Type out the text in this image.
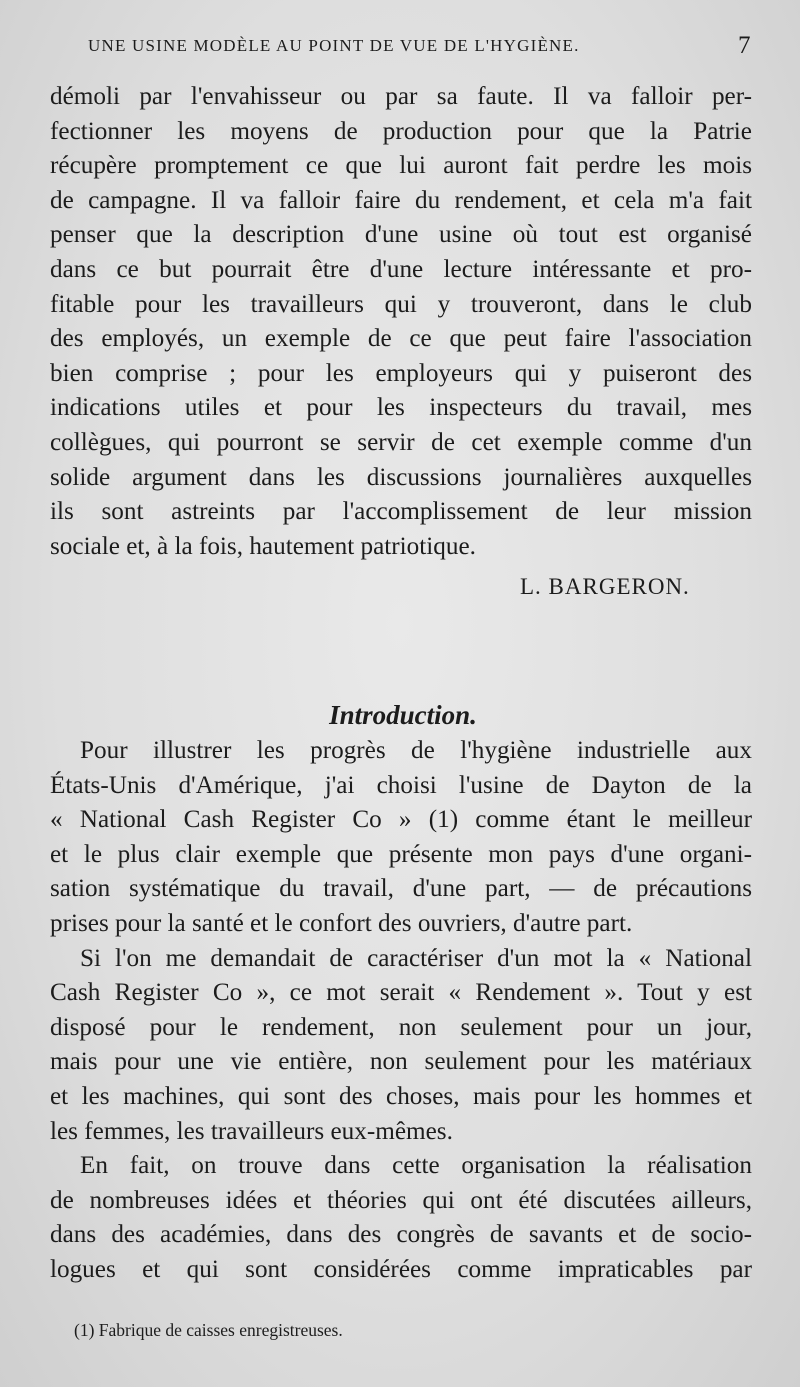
UNE USINE MODÈLE AU POINT DE VUE DE L'HYGIÈNE.	7
démoli par l'envahisseur ou par sa faute. Il va falloir per-
fectionner les moyens de production pour que la Patrie
récupère promptement ce que lui auront fait perdre les mois
de campagne. Il va falloir faire du rendement, et cela m'a fait
penser que la description d'une usine où tout est organisé
dans ce but pourrait être d'une lecture intéressante et pro-
fitable pour les travailleurs qui y trouveront, dans le club
des employés, un exemple de ce que peut faire l'association
bien comprise ; pour les employeurs qui y puiseront des
indications utiles et pour les inspecteurs du travail, mes
collègues, qui pourront se servir de cet exemple comme d'un
solide argument dans les discussions journalières auxquelles
ils sont astreints par l'accomplissement de leur mission
sociale et, à la fois, hautement patriotique.
L. BARGERON.
Introduction.
Pour illustrer les progrès de l'hygiène industrielle aux
États-Unis d'Amérique, j'ai choisi l'usine de Dayton de la
« National Cash Register Co » (1) comme étant le meilleur
et le plus clair exemple que présente mon pays d'une organi-
sation systématique du travail, d'une part, — de précautions
prises pour la santé et le confort des ouvriers, d'autre part.
Si l'on me demandait de caractériser d'un mot la « National
Cash Register Co », ce mot serait « Rendement ». Tout y est
disposé pour le rendement, non seulement pour un jour,
mais pour une vie entière, non seulement pour les matériaux
et les machines, qui sont des choses, mais pour les hommes et
les femmes, les travailleurs eux-mêmes.
En fait, on trouve dans cette organisation la réalisation
de nombreuses idées et théories qui ont été discutées ailleurs,
dans des académies, dans des congrès de savants et de socio-
logues et qui sont considérées comme impraticables par
(1) Fabrique de caisses enregistreuses.
